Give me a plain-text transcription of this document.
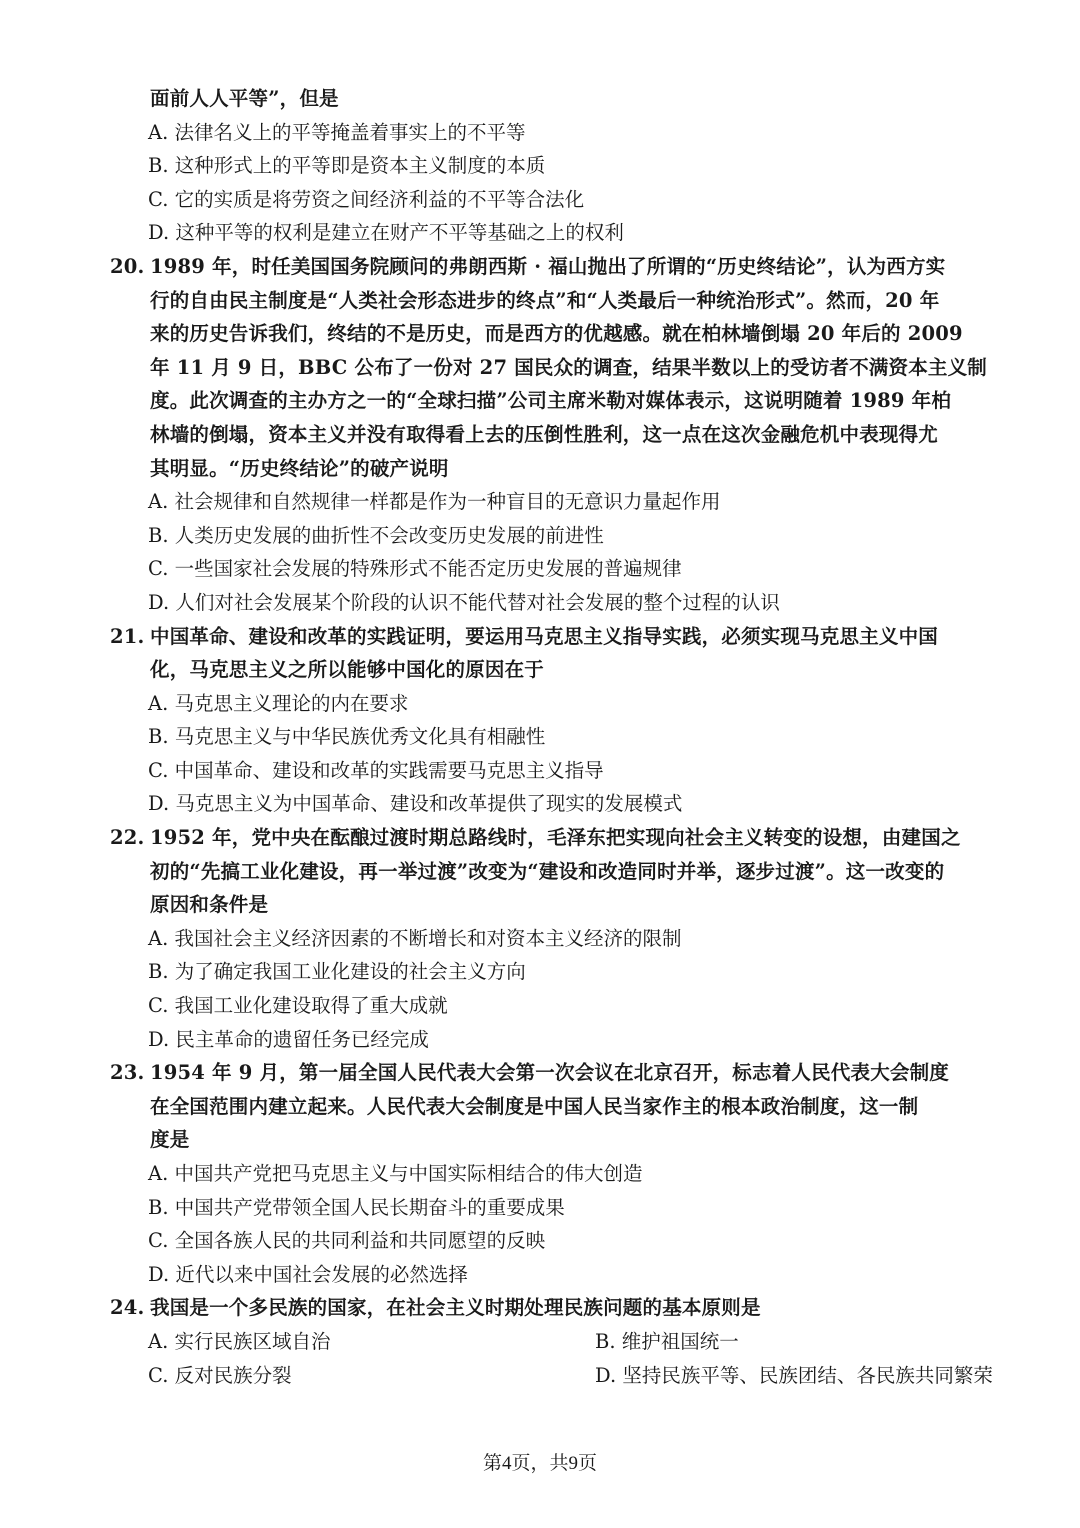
面前人人平等”，但是
A. 法律名义上的平等掩盖着事实上的不平等
B. 这种形式上的平等即是资本主义制度的本质
C. 它的实质是将劳资之间经济利益的不平等合法化
D. 这种平等的权利是建立在财产不平等基础之上的权利
20. 1989 年，时任美国国务院顾问的弗朗西斯 · 福山抛出了所谓的“历史终结论”，认为西方实
行的自由民主制度是“人类社会形态进步的终点”和“人类最后一种统治形式”。然而，20 年
来的历史告诉我们，终结的不是历史，而是西方的优越感。就在柏林墙倒塌 20 年后的 2009
年 11 月 9 日，BBC 公布了一份对 27 国民众的调查，结果半数以上的受访者不满资本主义制
度。此次调查的主办方之一的“全球扫描”公司主席米勒对媒体表示，这说明随着 1989 年柏
林墙的倒塌，资本主义并没有取得看上去的压倒性胜利，这一点在这次金融危机中表现得尤
其明显。“历史终结论”的破产说明
A. 社会规律和自然规律一样都是作为一种盲目的无意识力量起作用
B. 人类历史发展的曲折性不会改变历史发展的前进性
C. 一些国家社会发展的特殊形式不能否定历史发展的普遍规律
D. 人们对社会发展某个阶段的认识不能代替对社会发展的整个过程的认识
21. 中国革命、建设和改革的实践证明，要运用马克思主义指导实践，必须实现马克思主义中国
化，马克思主义之所以能够中国化的原因在于
A. 马克思主义理论的内在要求
B. 马克思主义与中华民族优秀文化具有相融性
C. 中国革命、建设和改革的实践需要马克思主义指导
D. 马克思主义为中国革命、建设和改革提供了现实的发展模式
22. 1952 年，党中央在酝酿过渡时期总路线时，毛泽东把实现向社会主义转变的设想，由建国之
初的“先搞工业化建设，再一举过渡”改变为“建设和改造同时并举，逐步过渡”。这一改变的
原因和条件是
A. 我国社会主义经济因素的不断增长和对资本主义经济的限制
B. 为了确定我国工业化建设的社会主义方向
C. 我国工业化建设取得了重大成就
D. 民主革命的遗留任务已经完成
23. 1954 年 9 月，第一届全国人民代表大会第一次会议在北京召开，标志着人民代表大会制度
在全国范围内建立起来。人民代表大会制度是中国人民当家作主的根本政治制度，这一制
度是
A. 中国共产党把马克思主义与中国实际相结合的伟大创造
B. 中国共产党带领全国人民长期奋斗的重要成果
C. 全国各族人民的共同利益和共同愿望的反映
D. 近代以来中国社会发展的必然选择
24. 我国是一个多民族的国家，在社会主义时期处理民族问题的基本原则是
A. 实行民族区域自治	B. 维护祖国统一
C. 反对民族分裂	D. 坚持民族平等、民族团结、各民族共同繁荣
第4页，共9页
